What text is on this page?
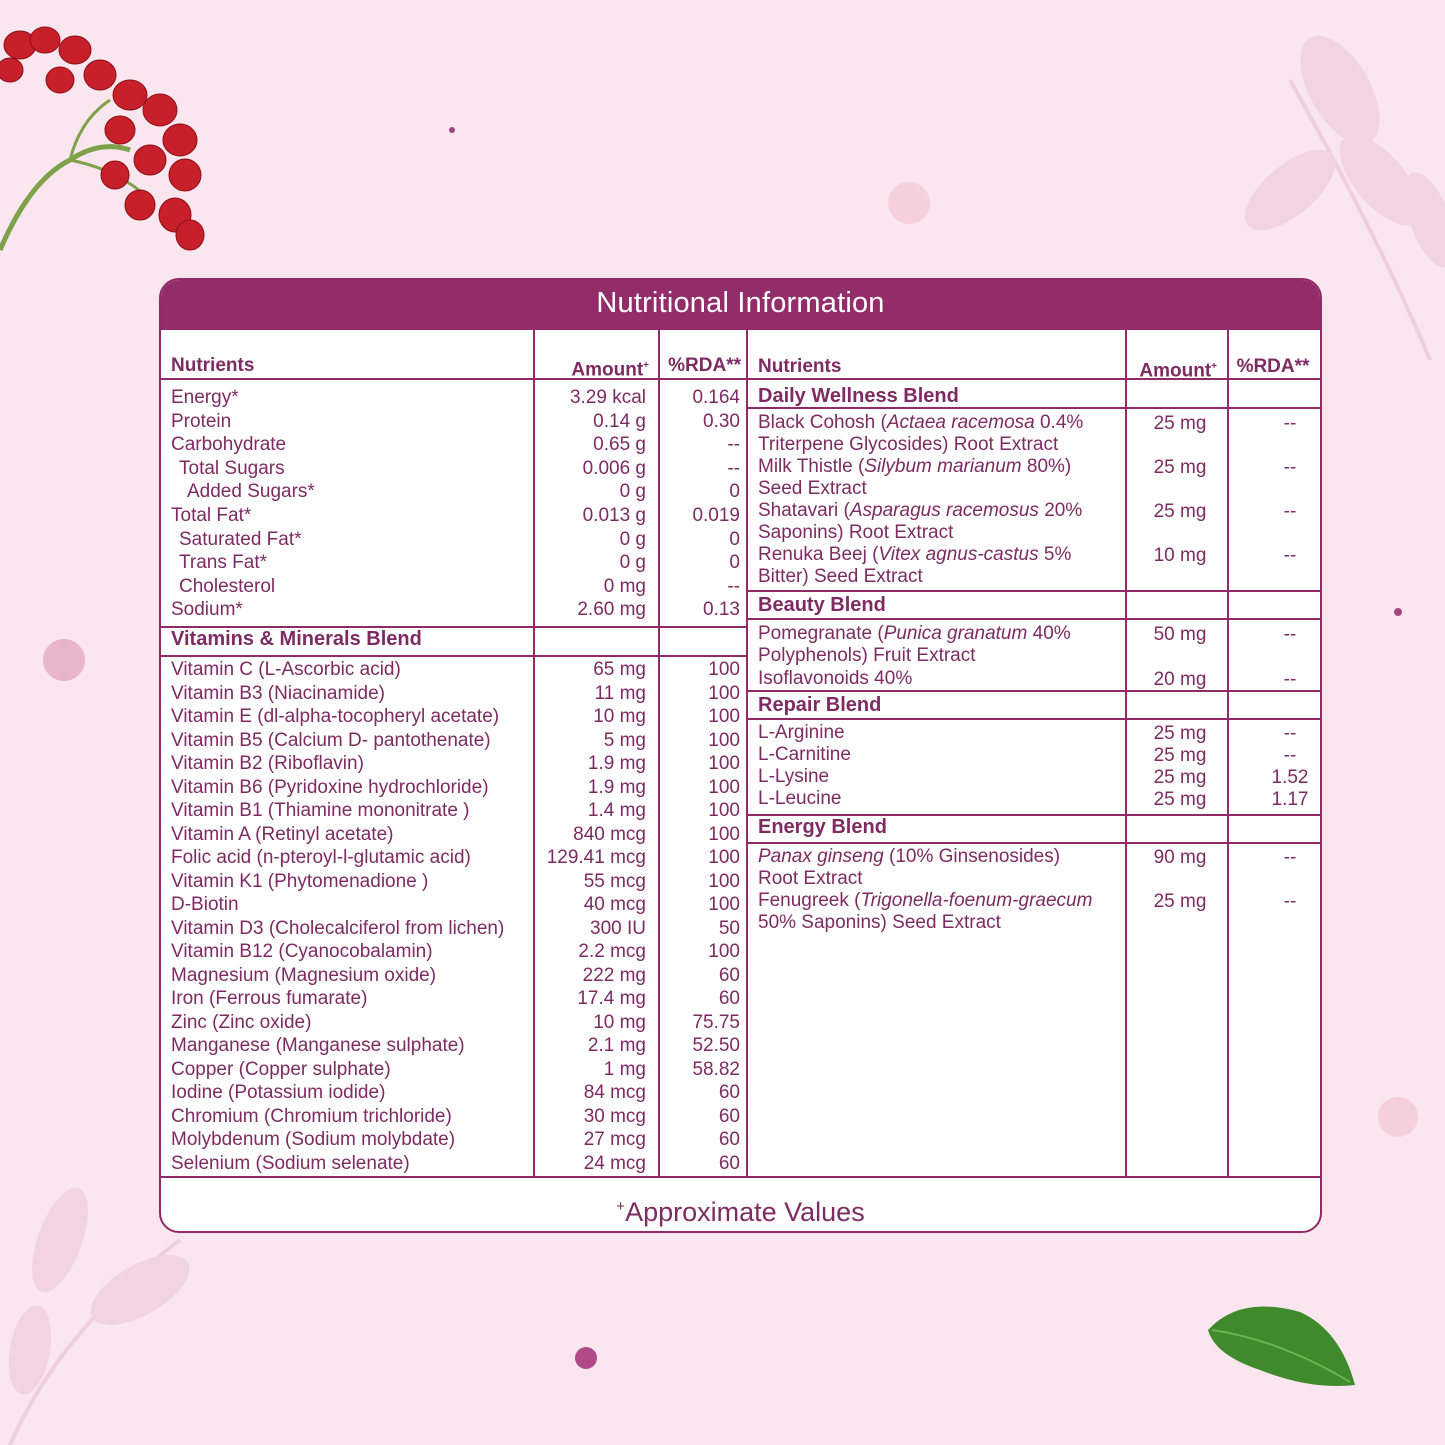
Nutritional Information
Nutrients	Amount+	%RDA**
Energy*	3.29 kcal	0.164
Protein	0.14 g	0.30
Carbohydrate	0.65 g	--
Total Sugars	0.006 g	--
Added Sugars*	0 g	0
Total Fat*	0.013 g	0.019
Saturated Fat*	0 g	0
Trans Fat*	0 g	0
Cholesterol	0 mg	--
Sodium*	2.60 mg	0.13
Vitamins & Minerals Blend
Vitamin C (L-Ascorbic acid)	65 mg	100
Vitamin B3 (Niacinamide)	11 mg	100
Vitamin E (dl-alpha-tocopheryl acetate)	10 mg	100
Vitamin B5 (Calcium D- pantothenate)	5 mg	100
Vitamin B2 (Riboflavin)	1.9 mg	100
Vitamin B6 (Pyridoxine hydrochloride)	1.9 mg	100
Vitamin B1 (Thiamine mononitrate )	1.4 mg	100
Vitamin A (Retinyl acetate)	840 mcg	100
Folic acid (n-pteroyl-l-glutamic acid)	129.41 mcg	100
Vitamin K1 (Phytomenadione )	55 mcg	100
D-Biotin	40 mcg	100
Vitamin D3 (Cholecalciferol from lichen)	300 IU	50
Vitamin B12 (Cyanocobalamin)	2.2 mcg	100
Magnesium (Magnesium oxide)	222 mg	60
Iron (Ferrous fumarate)	17.4 mg	60
Zinc (Zinc oxide)	10 mg	75.75
Manganese (Manganese sulphate)	2.1 mg	52.50
Copper (Copper sulphate)	1 mg	58.82
Iodine (Potassium iodide)	84 mcg	60
Chromium (Chromium trichloride)	30 mcg	60
Molybdenum (Sodium molybdate)	27 mcg	60
Selenium (Sodium selenate)	24 mcg	60
Nutrients	Amount+	%RDA**
Daily Wellness Blend
Black Cohosh (Actaea racemosa 0.4%
Triterpene Glycosides) Root Extract
25 mg	--
Milk Thistle (Silybum marianum 80%)
Seed Extract
25 mg	--
Shatavari (Asparagus racemosus 20%
Saponins) Root Extract
25 mg	--
Renuka Beej (Vitex agnus-castus 5%
Bitter) Seed Extract
10 mg	--
Beauty Blend
Pomegranate (Punica granatum 40%
Polyphenols) Fruit Extract
50 mg	--
Isoflavonoids 40%	20 mg	--
Repair Blend
L-Arginine	25 mg	--
L-Carnitine	25 mg	--
L-Lysine	25 mg	1.52
L-Leucine	25 mg	1.17
Energy Blend
Panax ginseng (10% Ginsenosides)
Root Extract
90 mg	--
Fenugreek (Trigonella-foenum-graecum
50% Saponins) Seed Extract
25 mg	--
+Approximate Values
